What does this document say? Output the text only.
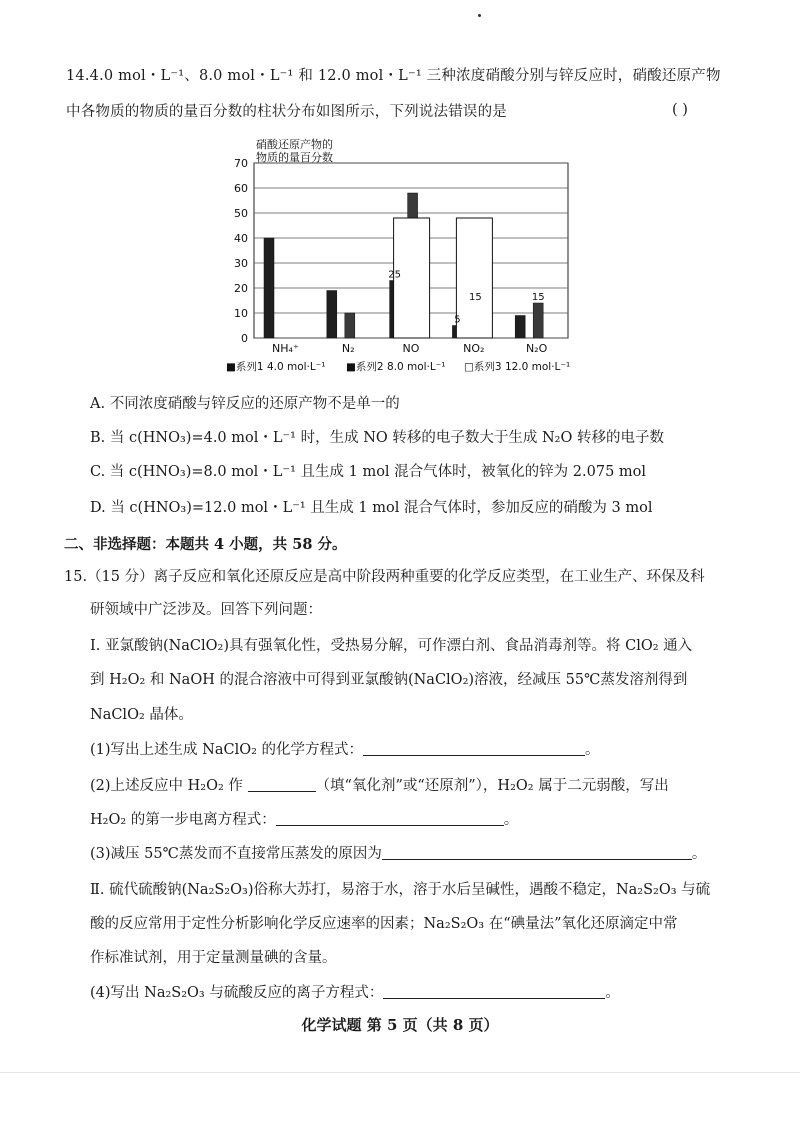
14.4.0 mol・L⁻¹、8.0 mol・L⁻¹ 和 12.0 mol・L⁻¹ 三种浓度硝酸分别与锌反应时，硝酸还原产物
中各物质的物质的量百分数的柱状分布如图所示，下列说法错误的是	( )
硝酸还原产物的
物质的量百分数
0
10
20
30
40
50
60
70
25
5
15	15
NH₄⁺	N₂	NO	NO₂	N₂O
■系列1 4.0 mol·L⁻¹ ■系列2 8.0 mol·L⁻¹ □系列3 12.0 mol·L⁻¹
A. 不同浓度硝酸与锌反应的还原产物不是单一的
B. 当 c(HNO₃)=4.0 mol・L⁻¹ 时，生成 NO 转移的电子数大于生成 N₂O 转移的电子数
C. 当 c(HNO₃)=8.0 mol・L⁻¹ 且生成 1 mol 混合气体时，被氧化的锌为 2.075 mol
D. 当 c(HNO₃)=12.0 mol・L⁻¹ 且生成 1 mol 混合气体时，参加反应的硝酸为 3 mol
二、非选择题：本题共 4 小题，共 58 分。
15.（15 分）离子反应和氧化还原反应是高中阶段两种重要的化学反应类型，在工业生产、环保及科
研领域中广泛涉及。回答下列问题：
Ⅰ. 亚氯酸钠(NaClO₂)具有强氧化性，受热易分解，可作漂白剂、食品消毒剂等。将 ClO₂ 通入
到 H₂O₂ 和 NaOH 的混合溶液中可得到亚氯酸钠(NaClO₂)溶液，经减压 55℃蒸发溶剂得到
NaClO₂ 晶体。
(1)写出上述生成 NaClO₂ 的化学方程式：	。
(2)上述反应中 H₂O₂ 作	（填“氧化剂”或“还原剂”），H₂O₂ 属于二元弱酸，写出
H₂O₂ 的第一步电离方程式：	。
(3)减压 55℃蒸发而不直接常压蒸发的原因为	。
Ⅱ. 硫代硫酸钠(Na₂S₂O₃)俗称大苏打，易溶于水，溶于水后呈碱性，遇酸不稳定，Na₂S₂O₃ 与硫
酸的反应常用于定性分析影响化学反应速率的因素；Na₂S₂O₃ 在“碘量法”氧化还原滴定中常
作标准试剂，用于定量测量碘的含量。
(4)写出 Na₂S₂O₃ 与硫酸反应的离子方程式：	。
化学试题 第 5 页（共 8 页）
